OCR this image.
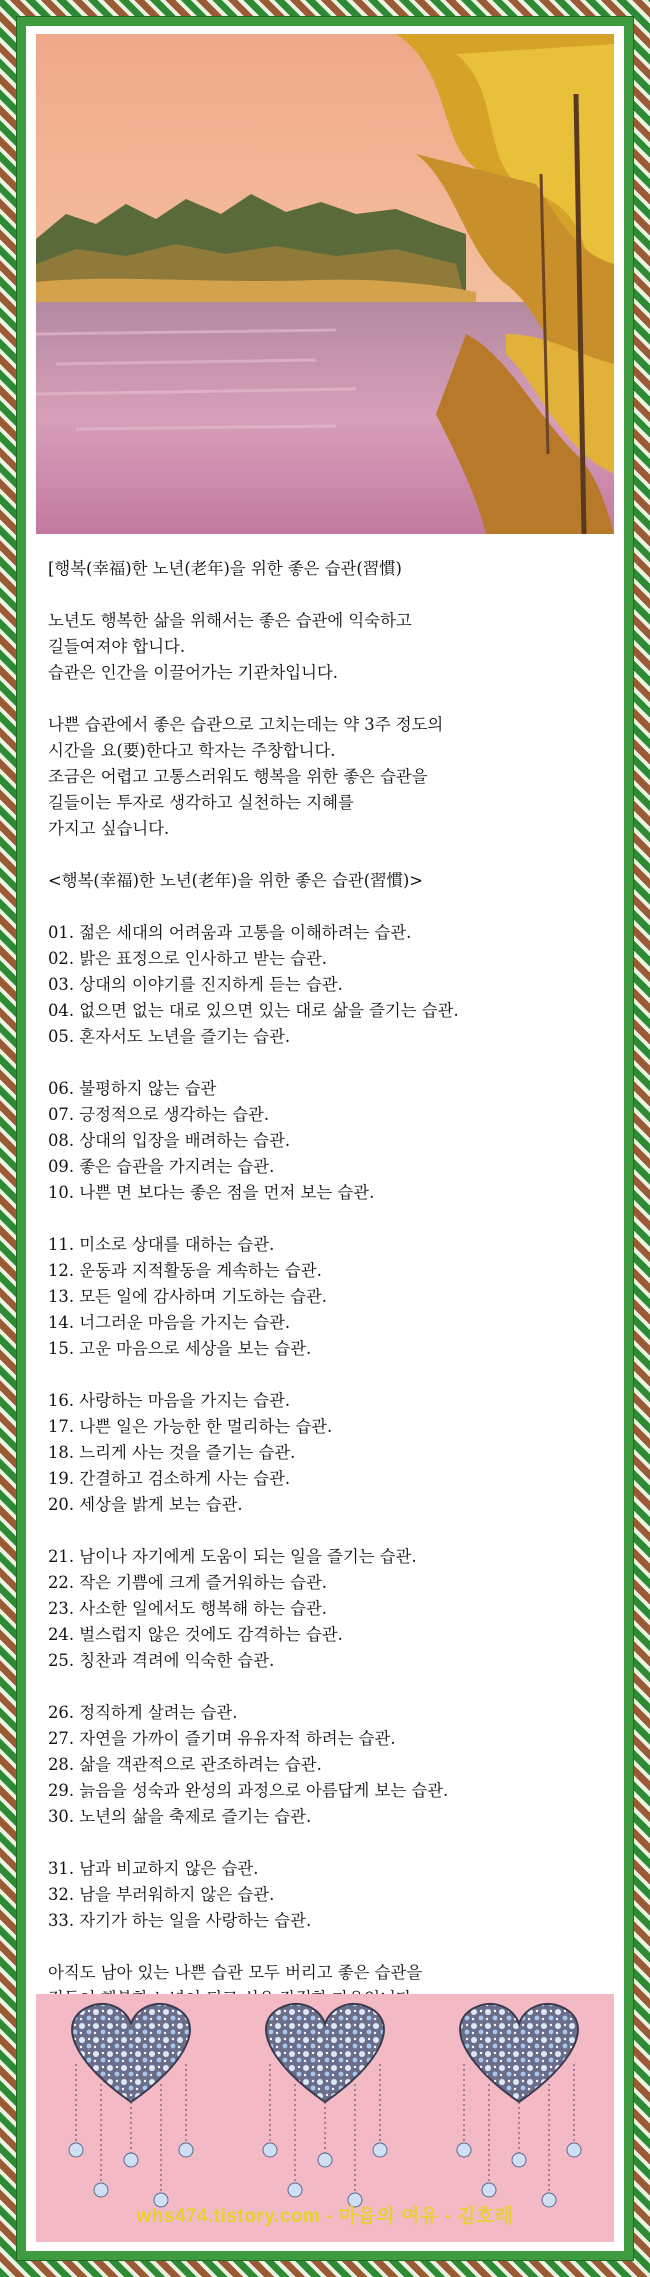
[행복(幸福)한 노년(老年)을 위한 좋은 습관(習慣)

노년도 행복한 삶을 위해서는 좋은 습관에 익숙하고
길들여져야 합니다.
습관은 인간을 이끌어가는 기관차입니다.

나쁜 습관에서 좋은 습관으로 고치는데는 약 3주 정도의
시간을 요(要)한다고 학자는 주창합니다.
조금은 어렵고 고통스러워도 행복을 위한 좋은 습관을
길들이는 투자로 생각하고 실천하는 지혜를
가지고 싶습니다.

<행복(幸福)한 노년(老年)을 위한 좋은 습관(習慣)>

01. 젊은 세대의 어려움과 고통을 이해하려는 습관.
02. 밝은 표정으로 인사하고 받는 습관.
03. 상대의 이야기를 진지하게 듣는 습관.
04. 없으면 없는 대로 있으면 있는 대로 삶을 즐기는 습관.
05. 혼자서도 노년을 즐기는 습관.

06. 불평하지 않는 습관
07. 긍정적으로 생각하는 습관.
08. 상대의 입장을 배려하는 습관.
09. 좋은 습관을 가지려는 습관.
10. 나쁜 면 보다는 좋은 점을 먼저 보는 습관.

11. 미소로 상대를 대하는 습관.
12. 운동과 지적활동을 계속하는 습관.
13. 모든 일에 감사하며 기도하는 습관.
14. 너그러운 마음을 가지는 습관.
15. 고운 마음으로 세상을 보는 습관.

16. 사랑하는 마음을 가지는 습관.
17. 나쁜 일은 가능한 한 멀리하는 습관.
18. 느리게 사는 것을 즐기는 습관.
19. 간결하고 검소하게 사는 습관.
20. 세상을 밝게 보는 습관.

21. 남이나 자기에게 도움이 되는 일을 즐기는 습관.
22. 작은 기쁨에 크게 즐거워하는 습관.
23. 사소한 일에서도 행복해 하는 습관.
24. 벌스럽지 않은 것에도 감격하는 습관.
25. 칭찬과 격려에 익숙한 습관.

26. 정직하게 살려는 습관.
27. 자연을 가까이 즐기며 유유자적 하려는 습관.
28. 삶을 객관적으로 관조하려는 습관.
29. 늙음을 성숙과 완성의 과정으로 아름답게 보는 습관.
30. 노년의 삶을 축제로 즐기는 습관.

31. 남과 비교하지 않은 습관.
32. 남을 부러워하지 않은 습관.
33. 자기가 하는 일을 사랑하는 습관.

아직도 남아 있는 나쁜 습관 모두 버리고 좋은 습관을

whs474.tistory.com - 마음의 여유 - 김호래
